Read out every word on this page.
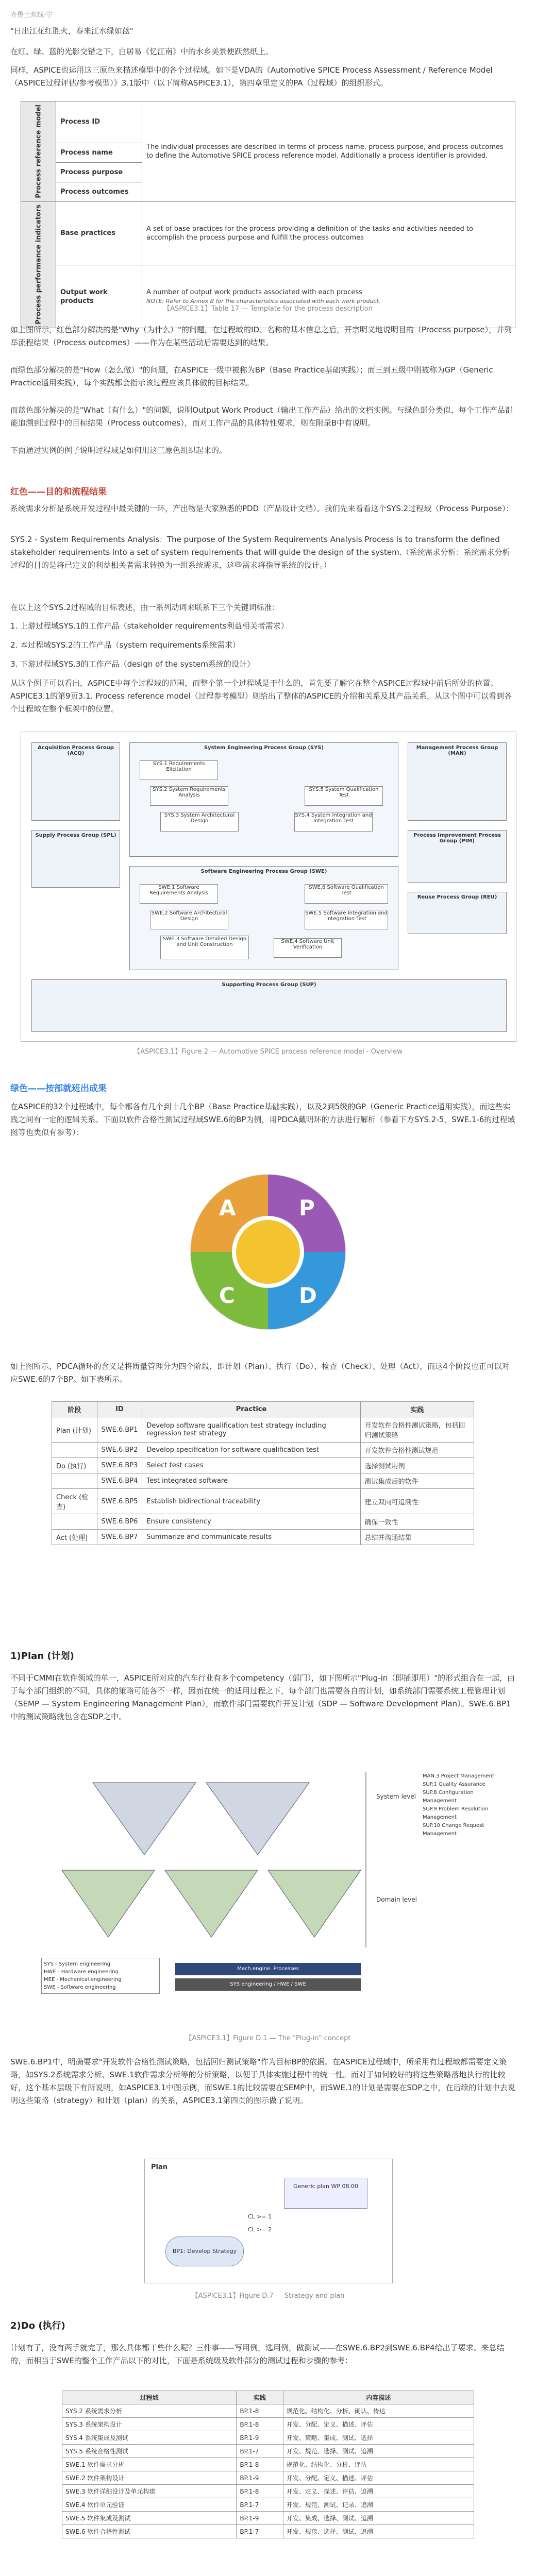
齐鲁土东线·宁
"日出江花红胜火，春来江水绿如蓝"
在红、绿、蓝的光影交错之下，白居易《忆江南》中的水乡美景便跃然纸上。
同样，ASPICE也运用这三原色来描述模型中的各个过程域。如下是VDA的《Automotive SPICE Process Assessment / Reference Model（ASPICE过程评估/参考模型）》3.1版中（以下简称ASPICE3.1），第四章里定义的PA（过程域）的组织形式。
Process reference model	Process ID	The individual processes are described in terms of process name, process purpose, and process outcomes to define the Automotive SPICE process reference model. Additionally a process identifier is provided.
	Process name	
	Process purpose	
	Process outcomes	
Process performance indicators	Base practices	A set of base practices for the process providing a definition of the tasks and activities needed to accomplish the process purpose and fulfill the process outcomes
	Output work products	A number of output work products associated with each process
NOTE: Refer to Annex B for the characteristics associated with each work product.
【ASPICE3.1】Table 17 — Template for the process description
如上图所示，红色部分解决的是"Why（为什么）"的问题，在过程域的ID、名称的基本信息之后，开宗明义地说明目的（Process purpose），并列举流程结果（Process outcomes）——作为在某些活动后需要达到的结果。
而绿色部分解决的是"How（怎么做）"的问题，在ASPICE一级中被称为BP（Base Practice基础实践）；而三到五级中则被称为GP（Generic Practice通用实践），每个实践都会指示该过程应该具体做的目标结果。
而蓝色部分解决的是"What（有什么）"的问题，说明Output Work Product（输出工作产品）给出的文档实例。与绿色部分类似，每个工作产品都能追溯到过程中的目标结果（Process outcomes），而对工作产品的具体特性要求，则在附录B中有说明。
下面通过实例的例子说明过程域是如何用这三原色组织起来的。
红色——目的和流程结果
系统需求分析是系统开发过程中最关键的一环，产出物是大家熟悉的PDD（产品设计文档）。我们先来看看这个SYS.2过程域（Process Purpose）：
SYS.2 - System Requirements Analysis：The purpose of the System Requirements Analysis Process is to transform the defined stakeholder requirements into a set of system requirements that will guide the design of the system.（系统需求分析：系统需求分析过程的目的是将已定义的利益相关者需求转换为一组系统需求，这些需求将指导系统的设计。）
在以上这个SYS.2过程域的目标表述，由一系列动词来联系下三个关键词标准：
1. 上游过程域SYS.1的工作产品（stakeholder requirements利益相关者需求）
2. 本过程域SYS.2的工作产品（system requirements系统需求）
3. 下游过程域SYS.3的工作产品（design of the system系统的设计）
从这个例子可以看出，ASPICE中每个过程域的范围，而整个第一个过程域是干什么的，首先要了解它在整个ASPICE过程域中前后所处的位置。ASPICE3.1的第9页3.1. Process reference model（过程参考模型）则给出了整体的ASPICE的介绍和关系及其产品关系，从这个图中可以看到各个过程域在整个框架中的位置。
Acquisition Process Group (ACQ)
Supply Process Group (SPL)
System Engineering Process Group (SYS)
SYS.1 Requirements Elicitation
SYS.2 System Requirements Analysis
SYS.3 System Architectural Design
SYS.5 System Qualification Test
SYS.4 System Integration and Integration Test
Software Engineering Process Group (SWE)
SWE.1 Software Requirements Analysis
SWE.2 Software Architectural Design
SWE.3 Software Detailed Design and Unit Construction
SWE.4 Software Unit Verification
SWE.5 Software Integration and Integration Test
SWE.6 Software Qualification Test
Management Process Group (MAN)
Process Improvement Process Group (PIM)
Reuse Process Group (REU)
Supporting Process Group (SUP)
【ASPICE3.1】Figure 2 — Automotive SPICE process reference model - Overview
绿色——按部就班出成果
在ASPICE的32个过程域中，每个都各有几个到十几个BP（Base Practice基础实践），以及2到5级的GP（Generic Practice通用实践），而这些实践之间有一定的逻辑关系。下面以软件合格性测试过程域SWE.6的BP为例，用PDCA戴明环的方法进行解析（参看下方SYS.2-5，SWE.1-6的过程域图等也类似有参考）：
P
D
C
A
如上图所示，PDCA循环的含义是将质量管理分为四个阶段，即计划（Plan）、执行（Do）、检查（Check）、处理（Act），而这4个阶段也正可以对应SWE.6的7个BP。如下表所示。
阶段	ID	Practice	实践
Plan (计划)	SWE.6.BP1	Develop software qualification test strategy including regression test strategy	开发软件合格性测试策略，包括回归测试策略
	SWE.6.BP2	Develop specification for software qualification test	开发软件合格性测试规范
Do (执行)	SWE.6.BP3	Select test cases	选择测试用例
	SWE.6.BP4	Test integrated software	测试集成后的软件
Check (检查)	SWE.6.BP5	Establish bidirectional traceability	建立双向可追溯性
	SWE.6.BP6	Ensure consistency	确保一致性
Act (处理)	SWE.6.BP7	Summarize and communicate results	总结并沟通结果
1)Plan (计划)
不同于CMMI在软件领域的单一，ASPICE所对应的汽车行业有多个competency（部门），如下图所示"Plug-in（即插即用）"的形式组合在一起，由于每个部门组织的不同，具体的策略可能各不一样，因而在统一的适用过程之下，每个部门也需要各自的计划，如系统部门需要系统工程管理计划（SEMP — System Engineering Management Plan），而软件部门需要软件开发计划（SDP — Software Development Plan）。SWE.6.BP1中的测试策略就包含在SDP之中。
System level
Domain level
MAN.3 Project Management
SUP.1 Quality Assurance
SUP.8 Configuration Management
SUP.9 Problem Resolution Management
SUP.10 Change Request Management
SYS - System engineering
HWE - Hardware engineering
MEE - Mechanical engineering
SWE - Software engineering
Mech.engine. Processes
SYS engineering / HWE / SWE
【ASPICE3.1】Figure D.1 — The "Plug-in" concept
SWE.6.BP1中，明确要求"开发软件合格性测试策略，包括回归测试策略"作为目标BP的依据。在ASPICE过程域中，所采用有过程域都需要定义策略，如SYS.2系统需求分析、SWE.1软件需求分析等的分析策略，以便于具体实施过程中的统一性。而对于如何较好的将这些策略落地执行的比较好，这个基本层级下有所说明，如ASPICE3.1中图示例，而SWE.1的比较需要在SEMP中，而SWE.1的计划是需要在SDP之中，在后续的计划中去说明这些策略（strategy）和计划（plan）的关系，ASPICE3.1第四页的图示做了说明。
Plan
Generic plan WP 08.00
CL >= 1
CL >= 2
BP1: Develop Strategy
【ASPICE3.1】Figure D.7 — Strategy and plan
2)Do (执行)
计划有了，没有两手就完了，那么具体都干些什么呢？三件事——写用例，选用例，做测试——在SWE.6.BP2到SWE.6.BP4给出了要求。来总结的，而相当于SWE的整个工作产品以下的对比，下面是系统级及软件部分的测试过程和步骤的参考：
过程域	实践	内容描述
SYS.2 系统需求分析	BP.1-8	规范化、结构化、分析、确认、传达
SYS.3 系统架构设计	BP.1-8	开发、分配、定义、描述、评估
SYS.4 系统集成及测试	BP.1-9	开发、策略、集成、测试、选择
SYS.5 系统合格性测试	BP.1-7	开发、规范、选择、测试、追溯
SWE.1 软件需求分析	BP.1-8	规范化、结构化、分析、评估
SWE.2 软件架构设计	BP.1-9	开发、分配、定义、描述、评估
SWE.3 软件详细设计及单元构建	BP.1-8	开发、定义、描述、评估、追溯
SWE.4 软件单元验证	BP.1-7	开发、规范、测试、记录、追溯
SWE.5 软件集成及测试	BP.1-9	开发、集成、选择、测试、追溯
SWE.6 软件合格性测试	BP.1-7	开发、规范、选择、测试、追溯
